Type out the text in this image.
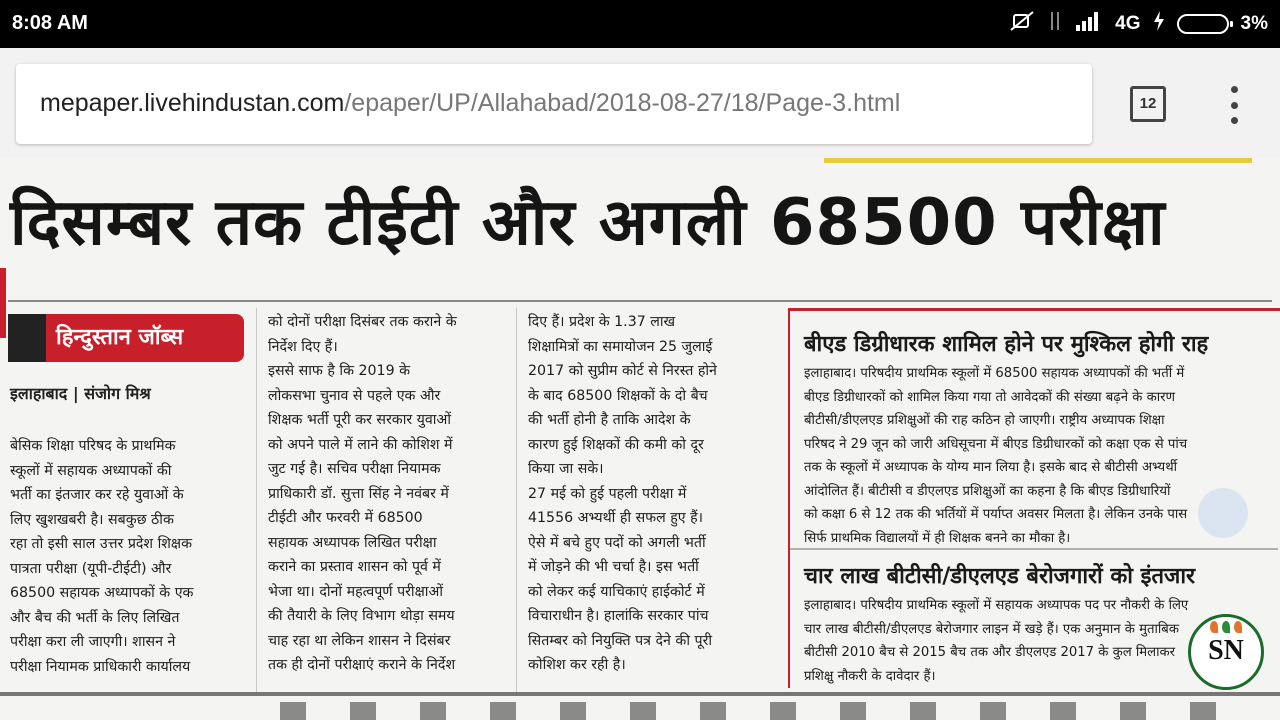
8:08 AM	4G	3%
mepaper.livehindustan.com/epaper/UP/Allahabad/2018-08-27/18/Page-3.html	12
दिसम्बर तक टीईटी और अगली 68500 परीक्षा
हिन्दुस्तान जॉब्स
इलाहाबाद | संजोग मिश्र

बेसिक शिक्षा परिषद के प्राथमिक

स्कूलों में सहायक अध्यापकों की

भर्ती का इंतजार कर रहे युवाओं के

लिए खुशखबरी है। सबकुछ ठीक

रहा तो इसी साल उत्तर प्रदेश शिक्षक

पात्रता परीक्षा (यूपी-टीईटी) और

68500 सहायक अध्यापकों के एक

और बैच की भर्ती के लिए लिखित

परीक्षा करा ली जाएगी। शासन ने

परीक्षा नियामक प्राधिकारी कार्यालय

को दोनों परीक्षा दिसंबर तक कराने के

निर्देश दिए हैं।

इससे साफ है कि 2019 के

लोकसभा चुनाव से पहले एक और

शिक्षक भर्ती पूरी कर सरकार युवाओं

को अपने पाले में लाने की कोशिश में

जुट गई है। सचिव परीक्षा नियामक

प्राधिकारी डॉ. सुत्ता सिंह ने नवंबर में

टीईटी और फरवरी में 68500

सहायक अध्यापक लिखित परीक्षा

कराने का प्रस्ताव शासन को पूर्व में

भेजा था। दोनों महत्वपूर्ण परीक्षाओं

की तैयारी के लिए विभाग थोड़ा समय

चाह रहा था लेकिन शासन ने दिसंबर

तक ही दोनों परीक्षाएं कराने के निर्देश

दिए हैं। प्रदेश के 1.37 लाख

शिक्षामित्रों का समायोजन 25 जुलाई

2017 को सुप्रीम कोर्ट से निरस्त होने

के बाद 68500 शिक्षकों के दो बैच

की भर्ती होनी है ताकि आदेश के

कारण हुई शिक्षकों की कमी को दूर

किया जा सके।

27 मई को हुई पहली परीक्षा में

41556 अभ्यर्थी ही सफल हुए हैं।

ऐसे में बचे हुए पदों को अगली भर्ती

में जोड़ने की भी चर्चा है। इस भर्ती

को लेकर कई याचिकाएं हाईकोर्ट में

विचाराधीन है। हालांकि सरकार पांच

सितम्बर को नियुक्ति पत्र देने की पूरी

कोशिश कर रही है।

बीएड डिग्रीधारक शामिल होने पर मुश्किल होगी राह

इलाहाबाद। परिषदीय प्राथमिक स्कूलों में 68500 सहायक अध्यापकों की भर्ती में

बीएड डिग्रीधारकों को शामिल किया गया तो आवेदकों की संख्या बढ़ने के कारण

बीटीसी/डीएलएड प्रशिक्षुओं की राह कठिन हो जाएगी। राष्ट्रीय अध्यापक शिक्षा

परिषद ने 29 जून को जारी अधिसूचना में बीएड डिग्रीधारकों को कक्षा एक से पांच

तक के स्कूलों में अध्यापक के योग्य मान लिया है। इसके बाद से बीटीसी अभ्यर्थी

आंदोलित हैं। बीटीसी व डीएलएड प्रशिक्षुओं का कहना है कि बीएड डिग्रीधारियों

को कक्षा 6 से 12 तक की भर्तियों में पर्याप्त अवसर मिलता है। लेकिन उनके पास

सिर्फ प्राथमिक विद्यालयों में ही शिक्षक बनने का मौका है।

चार लाख बीटीसी/डीएलएड बेरोजगारों को इंतजार

इलाहाबाद। परिषदीय प्राथमिक स्कूलों में सहायक अध्यापक पद पर नौकरी के लिए

चार लाख बीटीसी/डीएलएड बेरोजगार लाइन में खड़े हैं। एक अनुमान के मुताबिक

बीटीसी 2010 बैच से 2015 बैच तक और डीएलएड 2017 के कुल मिलाकर

प्रशिक्षु नौकरी के दावेदार हैं।

SN
